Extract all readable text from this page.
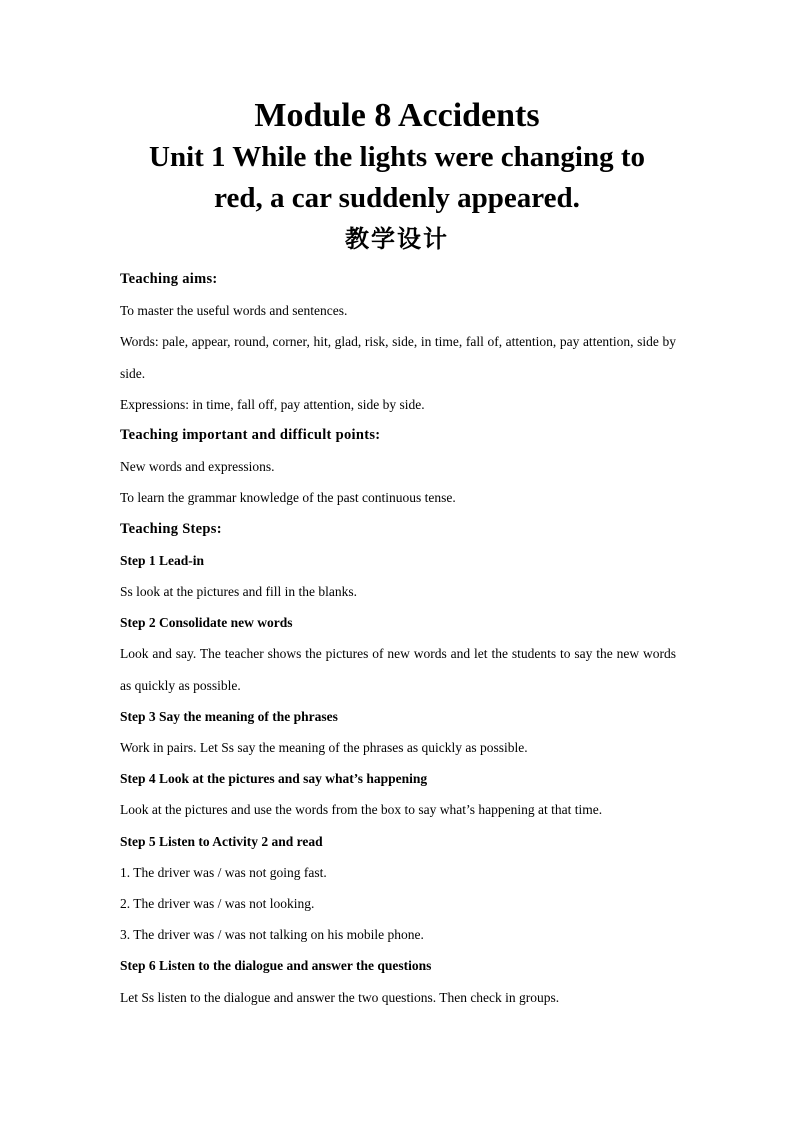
Module 8 Accidents

Unit 1 While the lights were changing to

red, a car suddenly appeared.

教学设计

Teaching aims:

To master the useful words and sentences.

Words: pale, appear, round, corner, hit, glad, risk, side, in time, fall of, attention, pay attention, side by side.

Expressions: in time, fall off, pay attention, side by side.

Teaching important and difficult points:

New words and expressions.

To learn the grammar knowledge of the past continuous tense.

Teaching Steps:

Step 1 Lead-in

Ss look at the pictures and fill in the blanks.

Step 2 Consolidate new words

Look and say. The teacher shows the pictures of new words and let the students to say the new words as quickly as possible.

Step 3 Say the meaning of the phrases

Work in pairs. Let Ss say the meaning of the phrases as quickly as possible.

Step 4 Look at the pictures and say what’s happening

Look at the pictures and use the words from the box to say what’s happening at that time.

Step 5 Listen to Activity 2 and read

1. The driver was / was not going fast.

2. The driver was / was not looking.

3. The driver was / was not talking on his mobile phone.

Step 6 Listen to the dialogue and answer the questions

Let Ss listen to the dialogue and answer the two questions. Then check in groups.
